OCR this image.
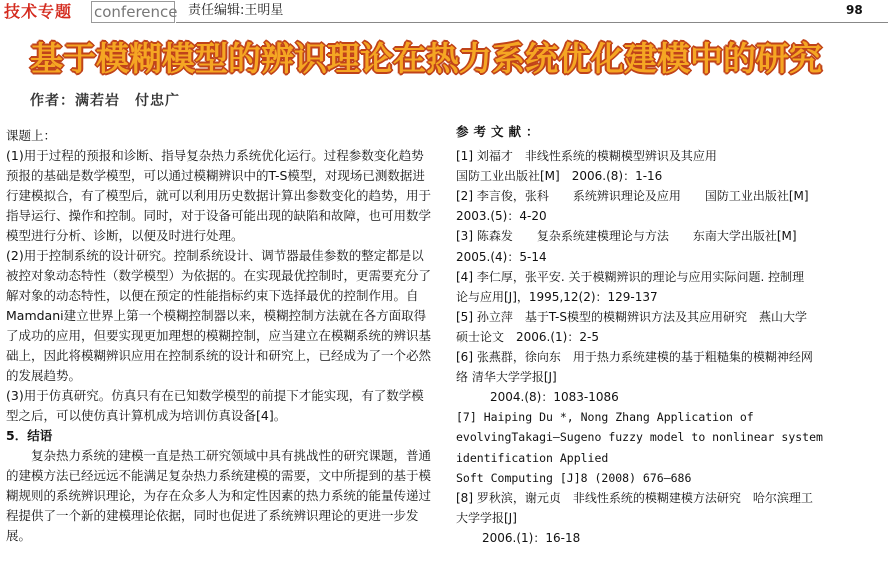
技术专题 conference 责任编辑:王明星	98
基于模糊模型的辨识理论在热力系统优化建模中的研究
作者：满若岩　付忠广

课题上：

(1)用于过程的预报和诊断、指导复杂热力系统优化运行。过程参数变化趋势预报的基础是数学模型，可以通过模糊辨识中的T-S模型，对现场已测数据进行建模拟合，有了模型后，就可以利用历史数据计算出参数变化的趋势，用于指导运行、操作和控制。同时，对于设备可能出现的缺陷和故障，也可用数学模型进行分析、诊断，以便及时进行处理。

(2)用于控制系统的设计研究。控制系统设计、调节器最佳参数的整定都是以被控对象动态特性（数学模型）为依据的。在实现最优控制时，更需要充分了解对象的动态特性，以便在预定的性能指标约束下选择最优的控制作用。自Mamdani建立世界上第一个模糊控制器以来，模糊控制方法就在各方面取得了成功的应用，但要实现更加理想的模糊控制，应当建立在模糊系统的辨识基础上，因此将模糊辨识应用在控制系统的设计和研究上，已经成为了一个必然的发展趋势。

(3)用于仿真研究。仿真只有在已知数学模型的前提下才能实现，有了数学模型之后，可以使仿真计算机成为培训仿真设备[4]。

5．结语

复杂热力系统的建模一直是热工研究领域中具有挑战性的研究课题，普通的建模方法已经远远不能满足复杂热力系统建模的需要，文中所提到的基于模糊规则的系统辨识理论，为存在众多人为和定性因素的热力系统的能量传递过程提供了一个新的建模理论依据，同时也促进了系统辨识理论的更进一步发展。

参考文献：

[1] 刘福才　非线性系统的模糊模型辨识及其应用

国防工业出版社[M]　2006.(8)：1-16

[2] 李言俊，张科　　系统辨识理论及应用　　国防工业出版社[M]

2003.(5)：4-20

[3] 陈森发　　复杂系统建模理论与方法　　东南大学出版社[M]

2005.(4)：5-14

[4] 李仁厚，张平安. 关于模糊辨识的理论与应用实际问题. 控制理

论与应用[J]，1995,12(2)：129-137

[5] 孙立萍　基于T-S模型的模糊辨识方法及其应用研究　燕山大学

硕士论文　2006.(1)：2-5

[6] 张燕群，徐向东　用于热力系统建模的基于粗糙集的模糊神经网

络 清华大学学报[J]

2004.(8)：1083-1086

[7] Haiping Du *, Nong Zhang Application of

evolvingTakagi–Sugeno fuzzy model to nonlinear system

identification Applied

Soft Computing [J]8 (2008) 676–686

[8] 罗秋滨，谢元贞　非线性系统的模糊建模方法研究　哈尔滨理工

大学学报[J]

2006.(1)：16-18
